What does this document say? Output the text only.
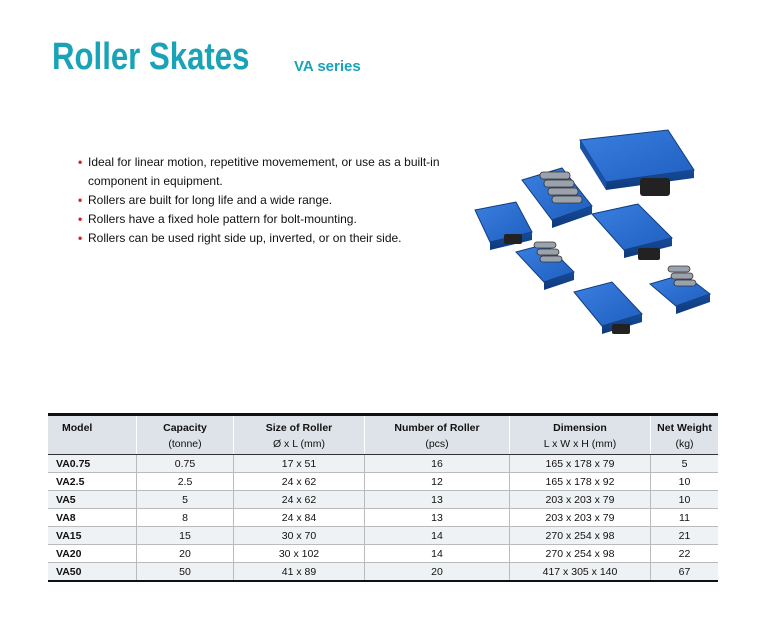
Roller Skates	VA series
• Ideal for linear motion, repetitive movemement, or use as a built-in component in equipment.
• Rollers are built for long life and a wide range.
• Rollers have a fixed hole pattern for bolt-mounting.
• Rollers can be used right side up, inverted, or on their side.
Model	Capacity	Size of Roller	Number of Roller	Dimension	Net Weight
	(tonne)	Ø x L (mm)	(pcs)	L x W x H (mm)	(kg)
VA0.75	0.75	17 x 51	16	165 x 178 x 79	5
VA2.5	2.5	24 x 62	12	165 x 178 x 92	10
VA5	5	24 x 62	13	203 x 203 x 79	10
VA8	8	24 x 84	13	203 x 203 x 79	11
VA15	15	30 x 70	14	270 x 254 x 98	21
VA20	20	30 x 102	14	270 x 254 x 98	22
VA50	50	41 x 89	20	417 x 305 x 140	67
